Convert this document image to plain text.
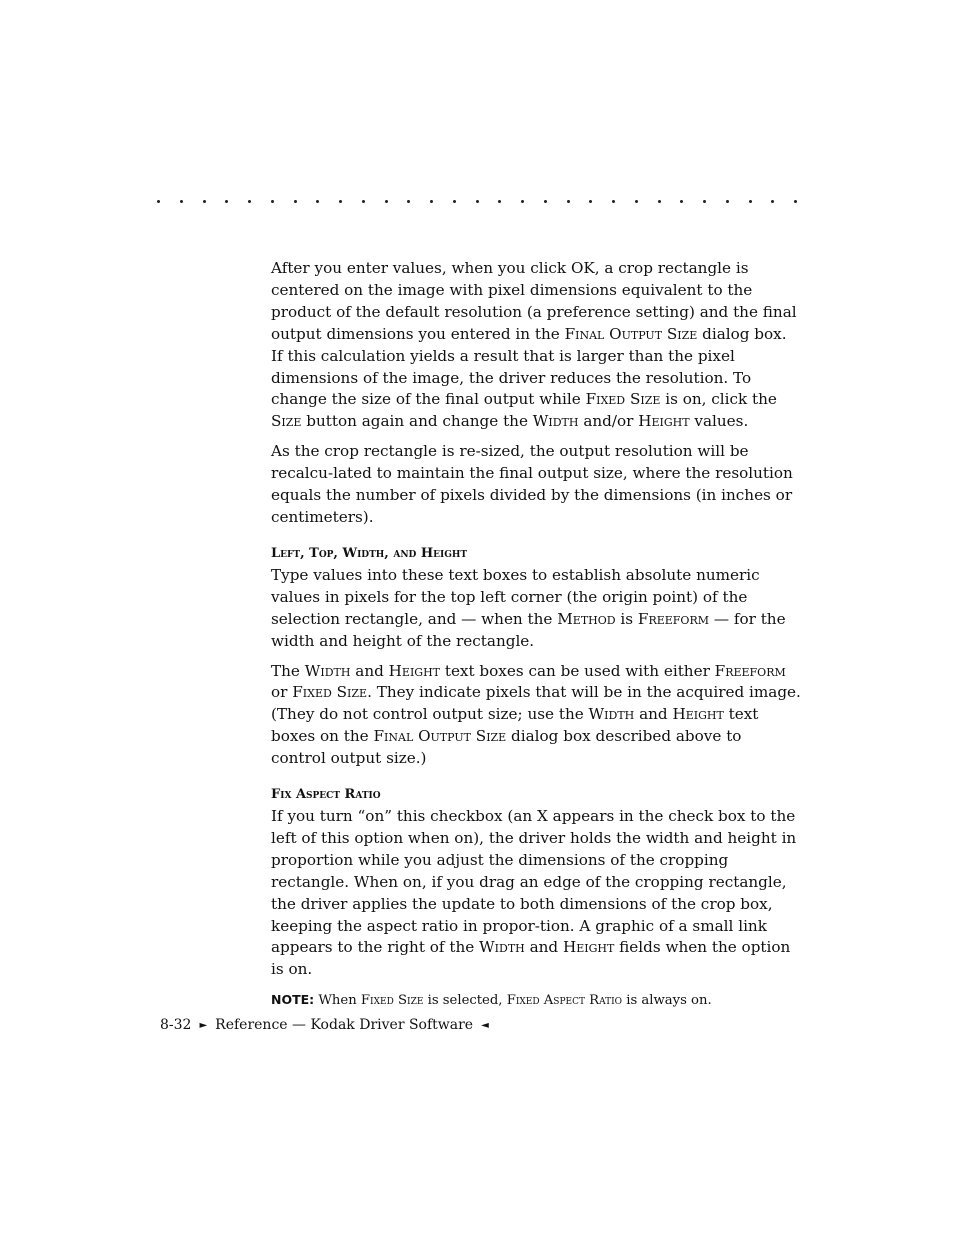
After you enter values, when you click OK, a crop rectangle is centered on the image with pixel dimensions equivalent to the product of the default resolution (a preference setting) and the final output dimensions you entered in the Final Output Size dialog box. If this calculation yields a result that is larger than the pixel dimensions of the image, the driver reduces the resolution. To change the size of the final output while Fixed Size is on, click the Size button again and change the Width and/or Height values.

As the crop rectangle is re-sized, the output resolution will be recalcu-lated to maintain the final output size, where the resolution equals the number of pixels divided by the dimensions (in inches or centimeters).

Left, Top, Width, and Height

Type values into these text boxes to establish absolute numeric values in pixels for the top left corner (the origin point) of the selection rectangle, and — when the Method is Freeform — for the width and height of the rectangle.

The Width and Height text boxes can be used with either Freeform or Fixed Size. They indicate pixels that will be in the acquired image. (They do not control output size; use the Width and Height text boxes on the Final Output Size dialog box described above to control output size.)

Fix Aspect Ratio

If you turn “on” this checkbox (an X appears in the check box to the left of this option when on), the driver holds the width and height in proportion while you adjust the dimensions of the cropping rectangle. When on, if you drag an edge of the cropping rectangle, the driver applies the update to both dimensions of the crop box, keeping the aspect ratio in propor-tion. A graphic of a small link appears to the right of the Width and Height fields when the option is on.

NOTE: When Fixed Size is selected, Fixed Aspect Ratio is always on.
8-32 ► Reference — Kodak Driver Software ◄
